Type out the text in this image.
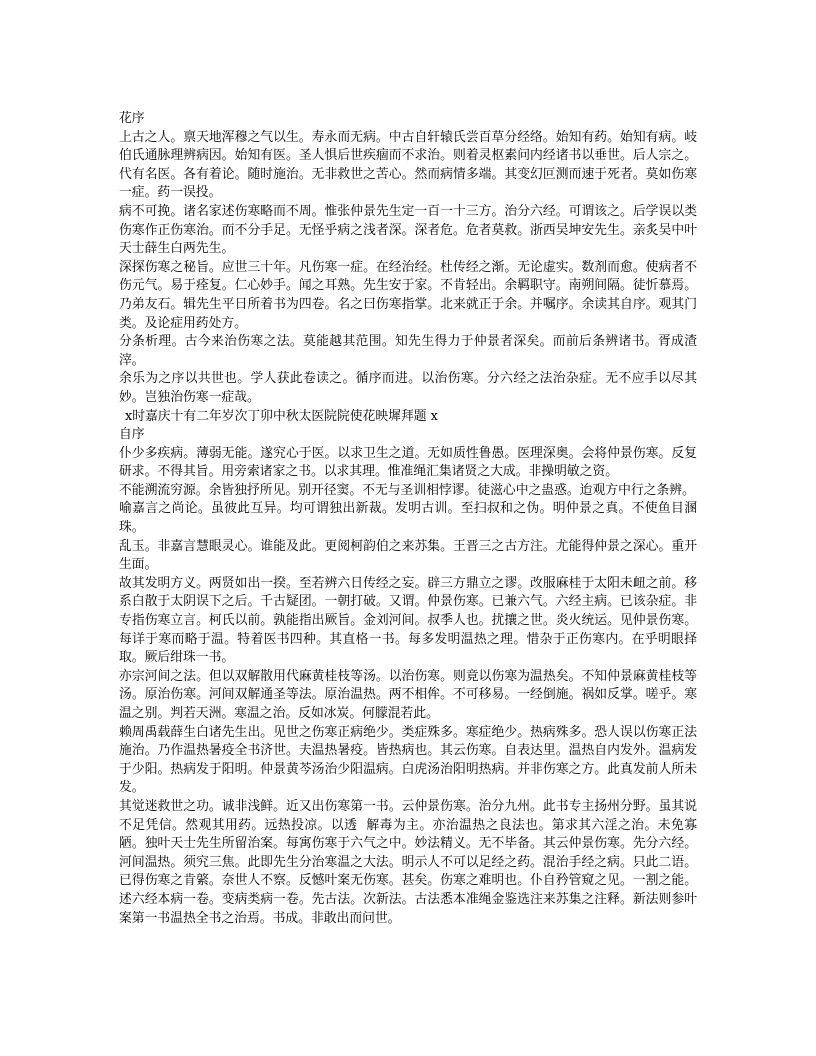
花序

上古之人。禀天地浑穆之气以生。寿永而无病。中古自轩辕氏尝百草分经络。始知有药。始知有病。岐伯氏通脉理辨病因。始知有医。圣人惧后世疾痼而不求治。则着灵枢素问内经诸书以垂世。后人宗之。代有名医。各有着论。随时施治。无非救世之苦心。然而病情多端。其变幻叵测而速于死者。莫如伤寒一症。药一误投。

病不可挽。诸名家述伤寒略而不周。惟张仲景先生定一百一十三方。治分六经。可谓该之。后学误以类伤寒作正伤寒治。而不分手足。无怪乎病之浅者深。深者危。危者莫救。浙西吴坤安先生。亲炙吴中叶天士薛生白两先生。

深探伤寒之秘旨。应世三十年。凡伤寒一症。在经治经。杜传经之渐。无论虚实。数剂而愈。使病者不伤元气。易于痊复。仁心妙手。闻之耳熟。先生安于家。不肯轻出。余羁职守。南朔间隔。徒忻慕焉。乃弟友石。辑先生平日所着书为四卷。名之曰伤寒指掌。北来就正于余。并嘱序。余读其自序。观其门类。及论症用药处方。

分条析理。古今来治伤寒之法。莫能越其范围。知先生得力于仲景者深矣。而前后条辨诸书。胥成渣滓。

余乐为之序以共世也。学人获此卷读之。循序而进。以治伤寒。分六经之法治杂症。无不应手以尽其妙。岂独治伤寒一症哉。

x时嘉庆十有二年岁次丁卯中秋太医院院使花映墀拜题 x

自序

仆少多疾病。薄弱无能。遂究心于医。以求卫生之道。无如质性鲁愚。医理深奥。会将仲景伤寒。反复研求。不得其旨。用旁索诸家之书。以求其理。惟准绳汇集诸贤之大成。非操明敏之资。

不能溯流穷源。余皆独抒所见。别开径窦。不无与圣训相悖谬。徒滋心中之蛊惑。迨观方中行之条辨。

喻嘉言之尚论。虽彼此互异。均可谓独出新裁。发明古训。至扫叔和之伪。明仲景之真。不使鱼目溷珠。

乱玉。非嘉言慧眼灵心。谁能及此。更阅柯韵伯之来苏集。王晋三之古方注。尤能得仲景之深心。重开生面。

故其发明方义。两贤如出一揆。至若辨六日传经之妄。辟三方鼎立之谬。改服麻桂于太阳未衄之前。移系白散于太阴误下之后。千古疑团。一朝打破。又谓。仲景伤寒。已兼六气。六经主病。已该杂症。非专指伤寒立言。柯氏以前。孰能指出厥旨。金刘河间。叔季人也。扰攘之世。炎火统运。见仲景伤寒。每详于寒而略于温。特着医书四种。其直格一书。每多发明温热之理。惜杂于正伤寒内。在乎明眼择取。厥后绀珠一书。

亦宗河间之法。但以双解散用代麻黄桂枝等汤。以治伤寒。则竟以伤寒为温热矣。不知仲景麻黄桂枝等汤。原治伤寒。河间双解通圣等法。原治温热。两不相侔。不可移易。一经倒施。祸如反掌。嗟乎。寒温之别。判若天洲。寒温之治。反如冰炭。何朦混若此。

赖周禹载薛生白诸先生出。见世之伤寒正病绝少。类症殊多。寒症绝少。热病殊多。恐人误以伤寒正法施治。乃作温热暑疫全书济世。夫温热暑疫。皆热病也。其云伤寒。自表达里。温热自内发外。温病发于少阳。热病发于阳明。仲景黄芩汤治少阳温病。白虎汤治阳明热病。并非伤寒之方。此真发前人所未发。

其觉迷救世之功。诚非浅鲜。近又出伤寒第一书。云仲景伤寒。治分九州。此书专主扬州分野。虽其说不足凭信。然观其用药。远热投凉。以透  解毒为主。亦治温热之良法也。第求其六淫之治。未免寡陋。独叶天士先生所留治案。每寓伤寒于六气之中。妙法精义。无不毕备。其云仲景伤寒。先分六经。河间温热。须究三焦。此即先生分治寒温之大法。明示人不可以足经之药。混治手经之病。只此二语。已得伤寒之肯綮。奈世人不察。反憾叶案无伤寒。甚矣。伤寒之难明也。仆自矜管窥之见。一割之能。述六经本病一卷。变病类病一卷。先古法。次新法。古法悉本准绳金鉴选注来苏集之注释。新法则参叶案第一书温热全书之治焉。书成。非敢出而问世。
